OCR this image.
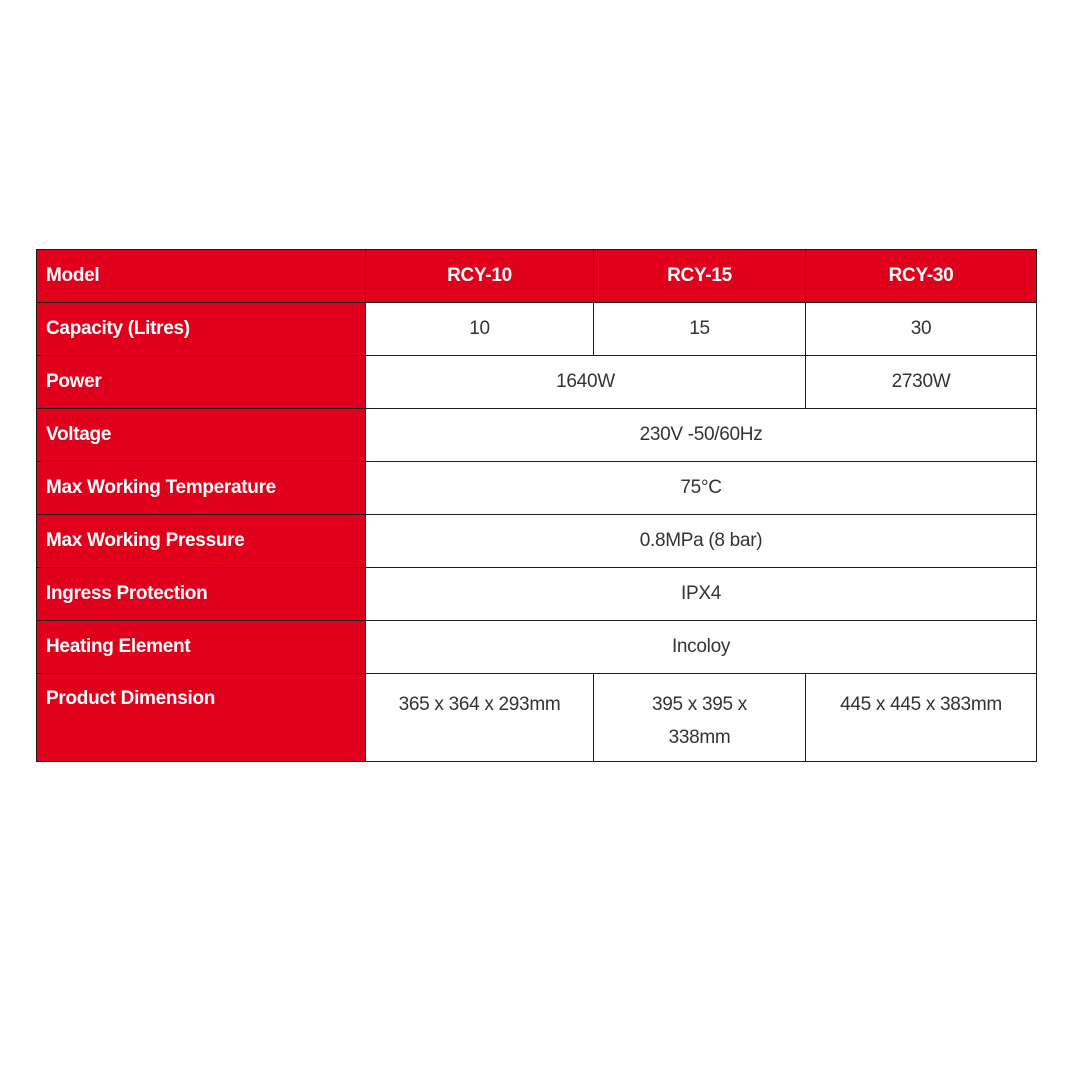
Model	RCY-10	RCY-15	RCY-30
Capacity (Litres)	10	15	30
Power	1640W		2730W
Voltage	230V -50/60Hz		
Max Working Temperature	75°C		
Max Working Pressure	0.8MPa (8 bar)		
Ingress Protection	IPX4		
Heating Element	Incoloy		
Product Dimension	365 x 364 x 293mm	395 x 395 x 338mm	445 x 445 x 383mm
